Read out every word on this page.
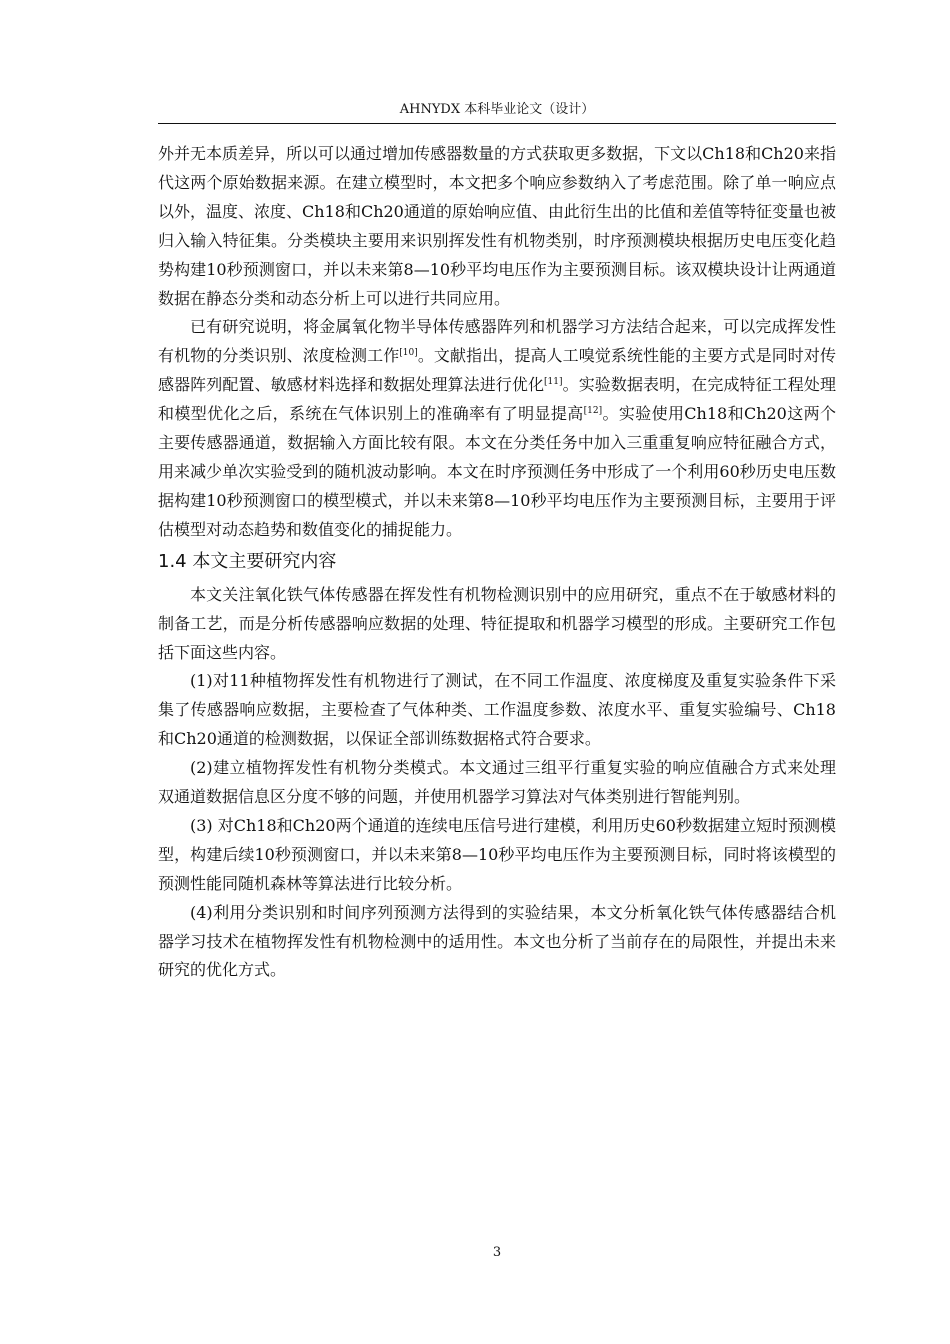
AHNYDX 本科毕业论文（设计）

外并无本质差异，所以可以通过增加传感器数量的方式获取更多数据，下文以Ch18和Ch20来指代这两个原始数据来源。在建立模型时，本文把多个响应参数纳入了考虑范围。除了单一响应点以外，温度、浓度、Ch18和Ch20通道的原始响应值、由此衍生出的比值和差值等特征变量也被归入输入特征集。分类模块主要用来识别挥发性有机物类别，时序预测模块根据历史电压变化趋势构建10秒预测窗口，并以未来第8—10秒平均电压作为主要预测目标。该双模块设计让两通道数据在静态分类和动态分析上可以进行共同应用。

已有研究说明，将金属氧化物半导体传感器阵列和机器学习方法结合起来，可以完成挥发性有机物的分类识别、浓度检测工作[10]。文献指出，提高人工嗅觉系统性能的主要方式是同时对传感器阵列配置、敏感材料选择和数据处理算法进行优化[11]。实验数据表明，在完成特征工程处理和模型优化之后，系统在气体识别上的准确率有了明显提高[12]。实验使用Ch18和Ch20这两个主要传感器通道，数据输入方面比较有限。本文在分类任务中加入三重重复响应特征融合方式，用来减少单次实验受到的随机波动影响。本文在时序预测任务中形成了一个利用60秒历史电压数据构建10秒预测窗口的模型模式，并以未来第8—10秒平均电压作为主要预测目标，主要用于评估模型对动态趋势和数值变化的捕捉能力。

1.4 本文主要研究内容

本文关注氧化铁气体传感器在挥发性有机物检测识别中的应用研究，重点不在于敏感材料的制备工艺，而是分析传感器响应数据的处理、特征提取和机器学习模型的形成。主要研究工作包括下面这些内容。

(1)对11种植物挥发性有机物进行了测试，在不同工作温度、浓度梯度及重复实验条件下采集了传感器响应数据，主要检查了气体种类、工作温度参数、浓度水平、重复实验编号、Ch18和Ch20通道的检测数据，以保证全部训练数据格式符合要求。

(2)建立植物挥发性有机物分类模式。本文通过三组平行重复实验的响应值融合方式来处理双通道数据信息区分度不够的问题，并使用机器学习算法对气体类别进行智能判别。

(3) 对Ch18和Ch20两个通道的连续电压信号进行建模，利用历史60秒数据建立短时预测模型，构建后续10秒预测窗口，并以未来第8—10秒平均电压作为主要预测目标，同时将该模型的预测性能同随机森林等算法进行比较分析。

(4)利用分类识别和时间序列预测方法得到的实验结果，本文分析氧化铁气体传感器结合机器学习技术在植物挥发性有机物检测中的适用性。本文也分析了当前存在的局限性，并提出未来研究的优化方式。

3
